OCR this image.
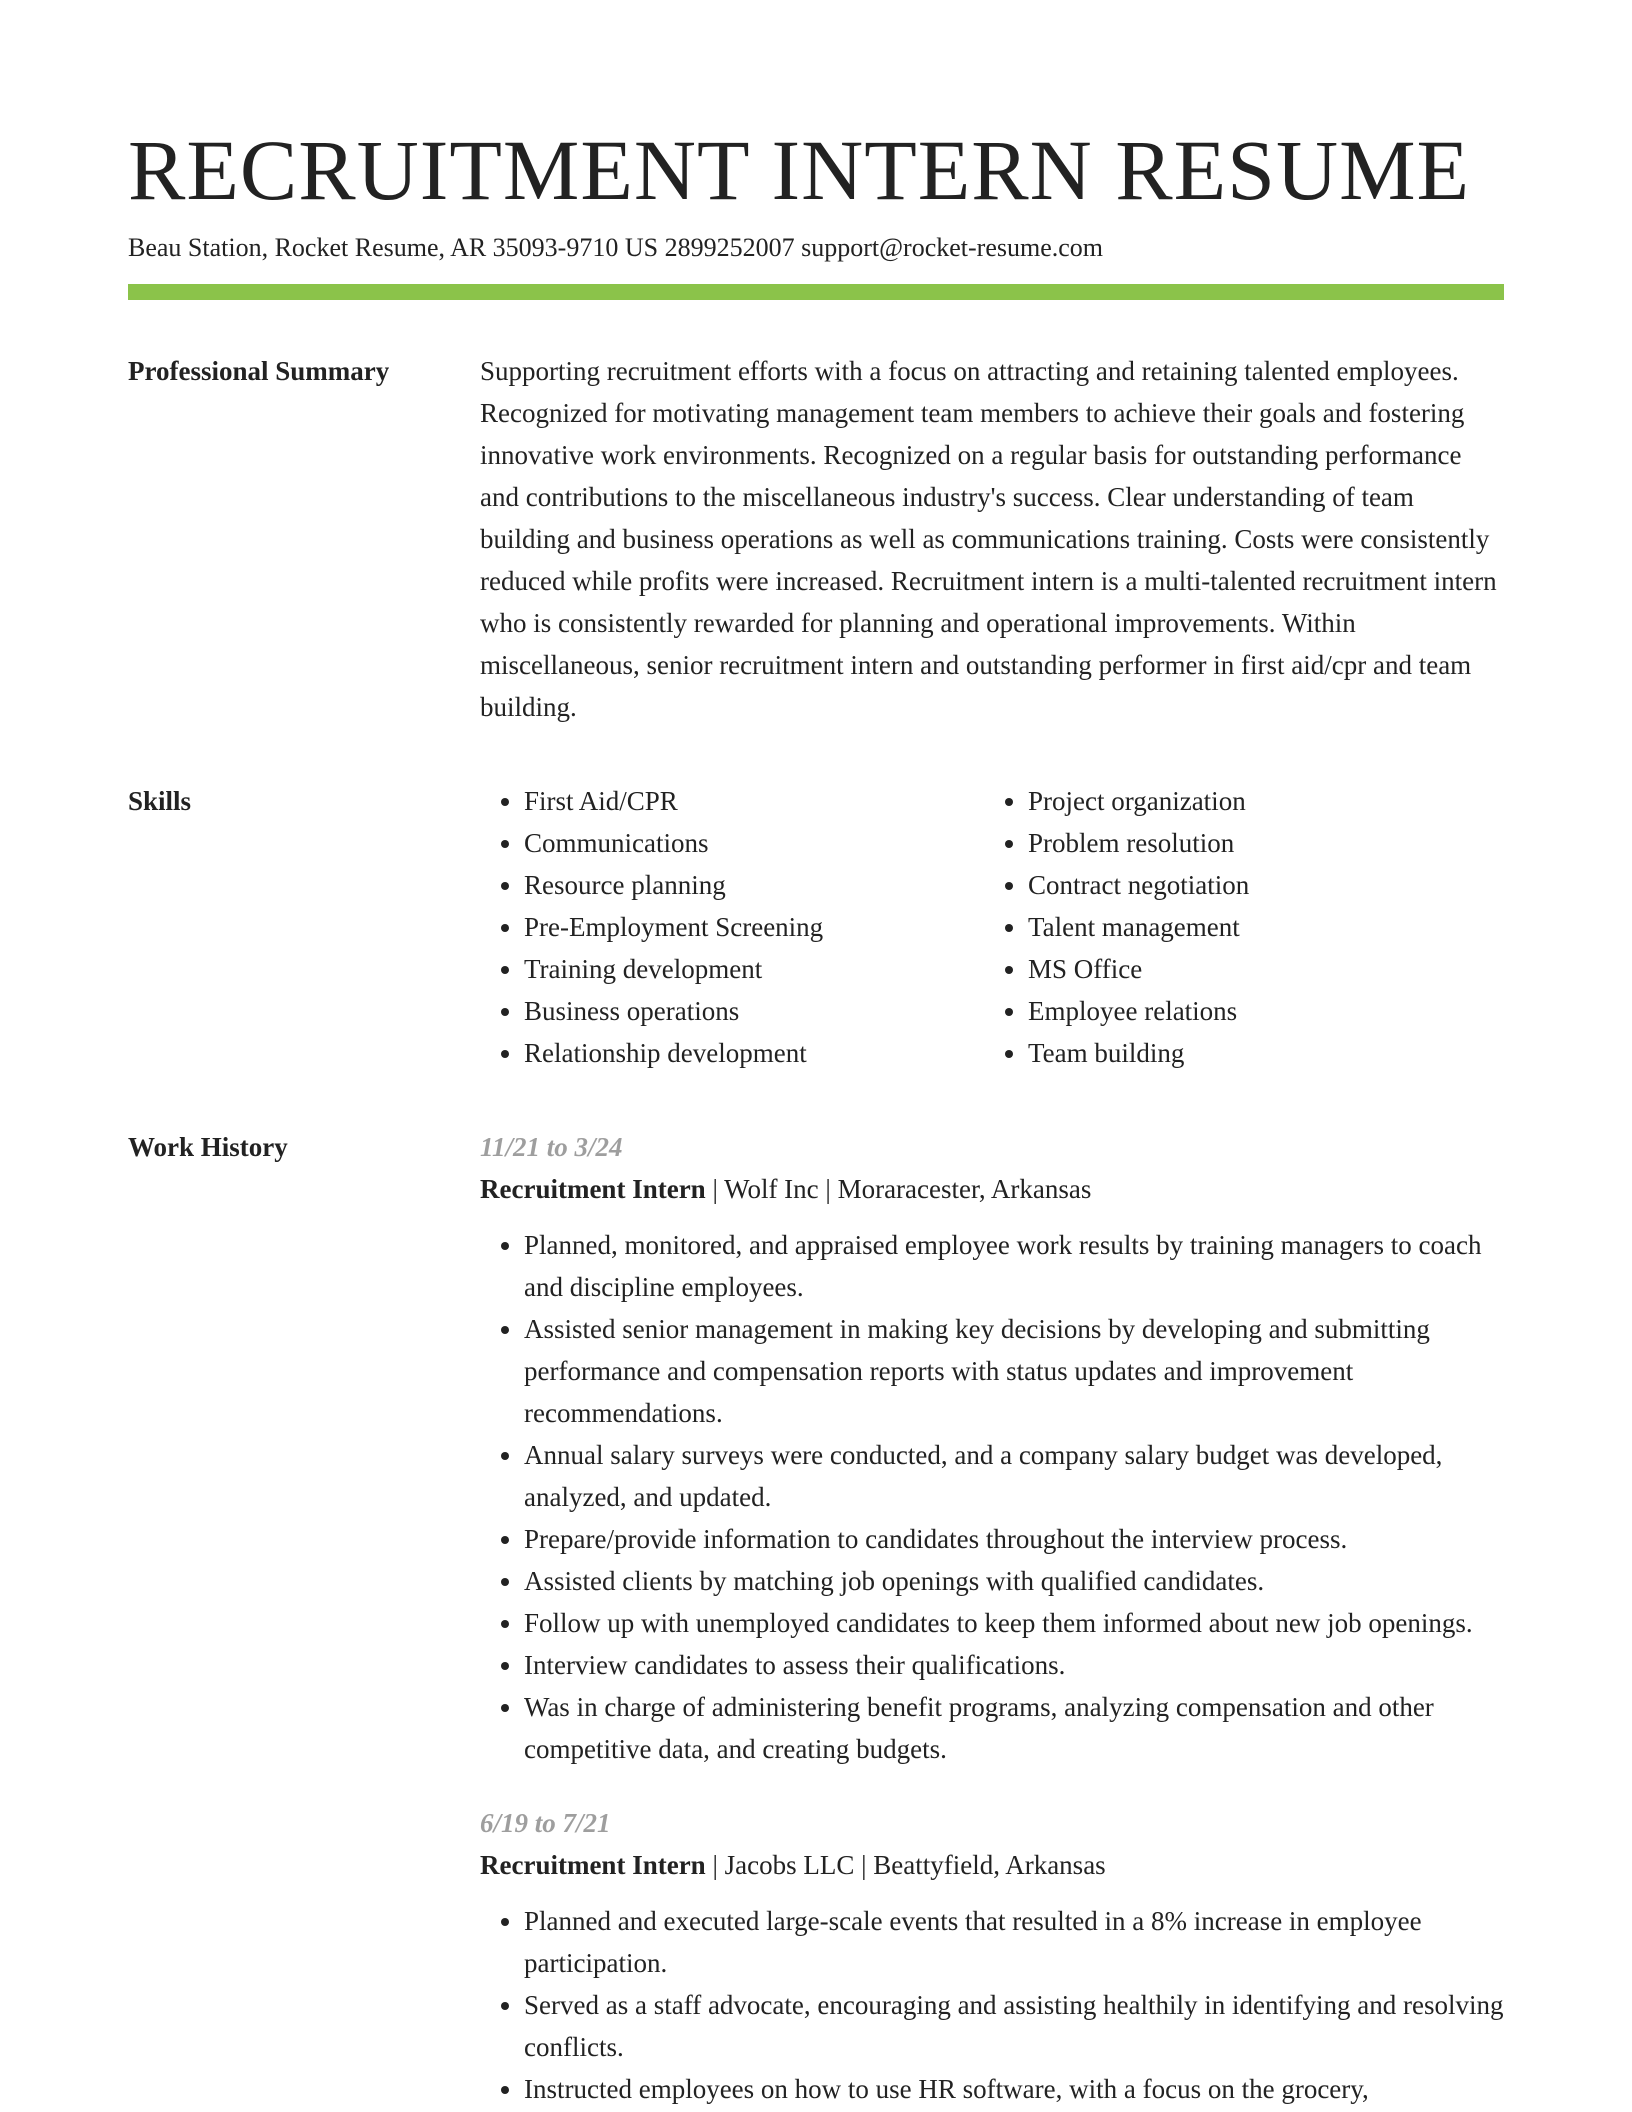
RECRUITMENT INTERN RESUME
Beau Station, Rocket Resume, AR 35093-9710 US 2899252007 support@rocket-resume.com
Professional Summary	Supporting recruitment efforts with a focus on attracting and retaining talented employees. Recognized for motivating management team members to achieve their goals and fostering innovative work environments. Recognized on a regular basis for outstanding performance and contributions to the miscellaneous industry's success. Clear understanding of team building and business operations as well as communications training. Costs were consistently reduced while profits were increased. Recruitment intern is a multi-talented recruitment intern who is consistently rewarded for planning and operational improvements. Within miscellaneous, senior recruitment intern and outstanding performer in first aid/cpr and team building.

Skills
•	First Aid/CPR
• Communications
• Resource planning
• Pre-Employment Screening
• Training development
• Business operations
• Relationship development
• Project organization
• Problem resolution
• Contract negotiation
• Talent management
• MS Office
• Employee relations
• Team building
Work History	11/21 to 3/24

Recruitment Intern | Wolf Inc | Moraracester, Arkansas

• Planned, monitored, and appraised employee work results by training managers to coach and discipline employees.
• Assisted senior management in making key decisions by developing and submitting performance and compensation reports with status updates and improvement recommendations.
• Annual salary surveys were conducted, and a company salary budget was developed, analyzed, and updated.
• Prepare/provide information to candidates throughout the interview process.
• Assisted clients by matching job openings with qualified candidates.
• Follow up with unemployed candidates to keep them informed about new job openings.
• Interview candidates to assess their qualifications.
• Was in charge of administering benefit programs, analyzing compensation and other competitive data, and creating budgets.
6/19 to 7/21

Recruitment Intern | Jacobs LLC | Beattyfield, Arkansas

• Planned and executed large-scale events that resulted in a 8% increase in employee participation.
• Served as a staff advocate, encouraging and assisting healthily in identifying and resolving conflicts.
• Instructed employees on how to use HR software, with a focus on the grocery,
